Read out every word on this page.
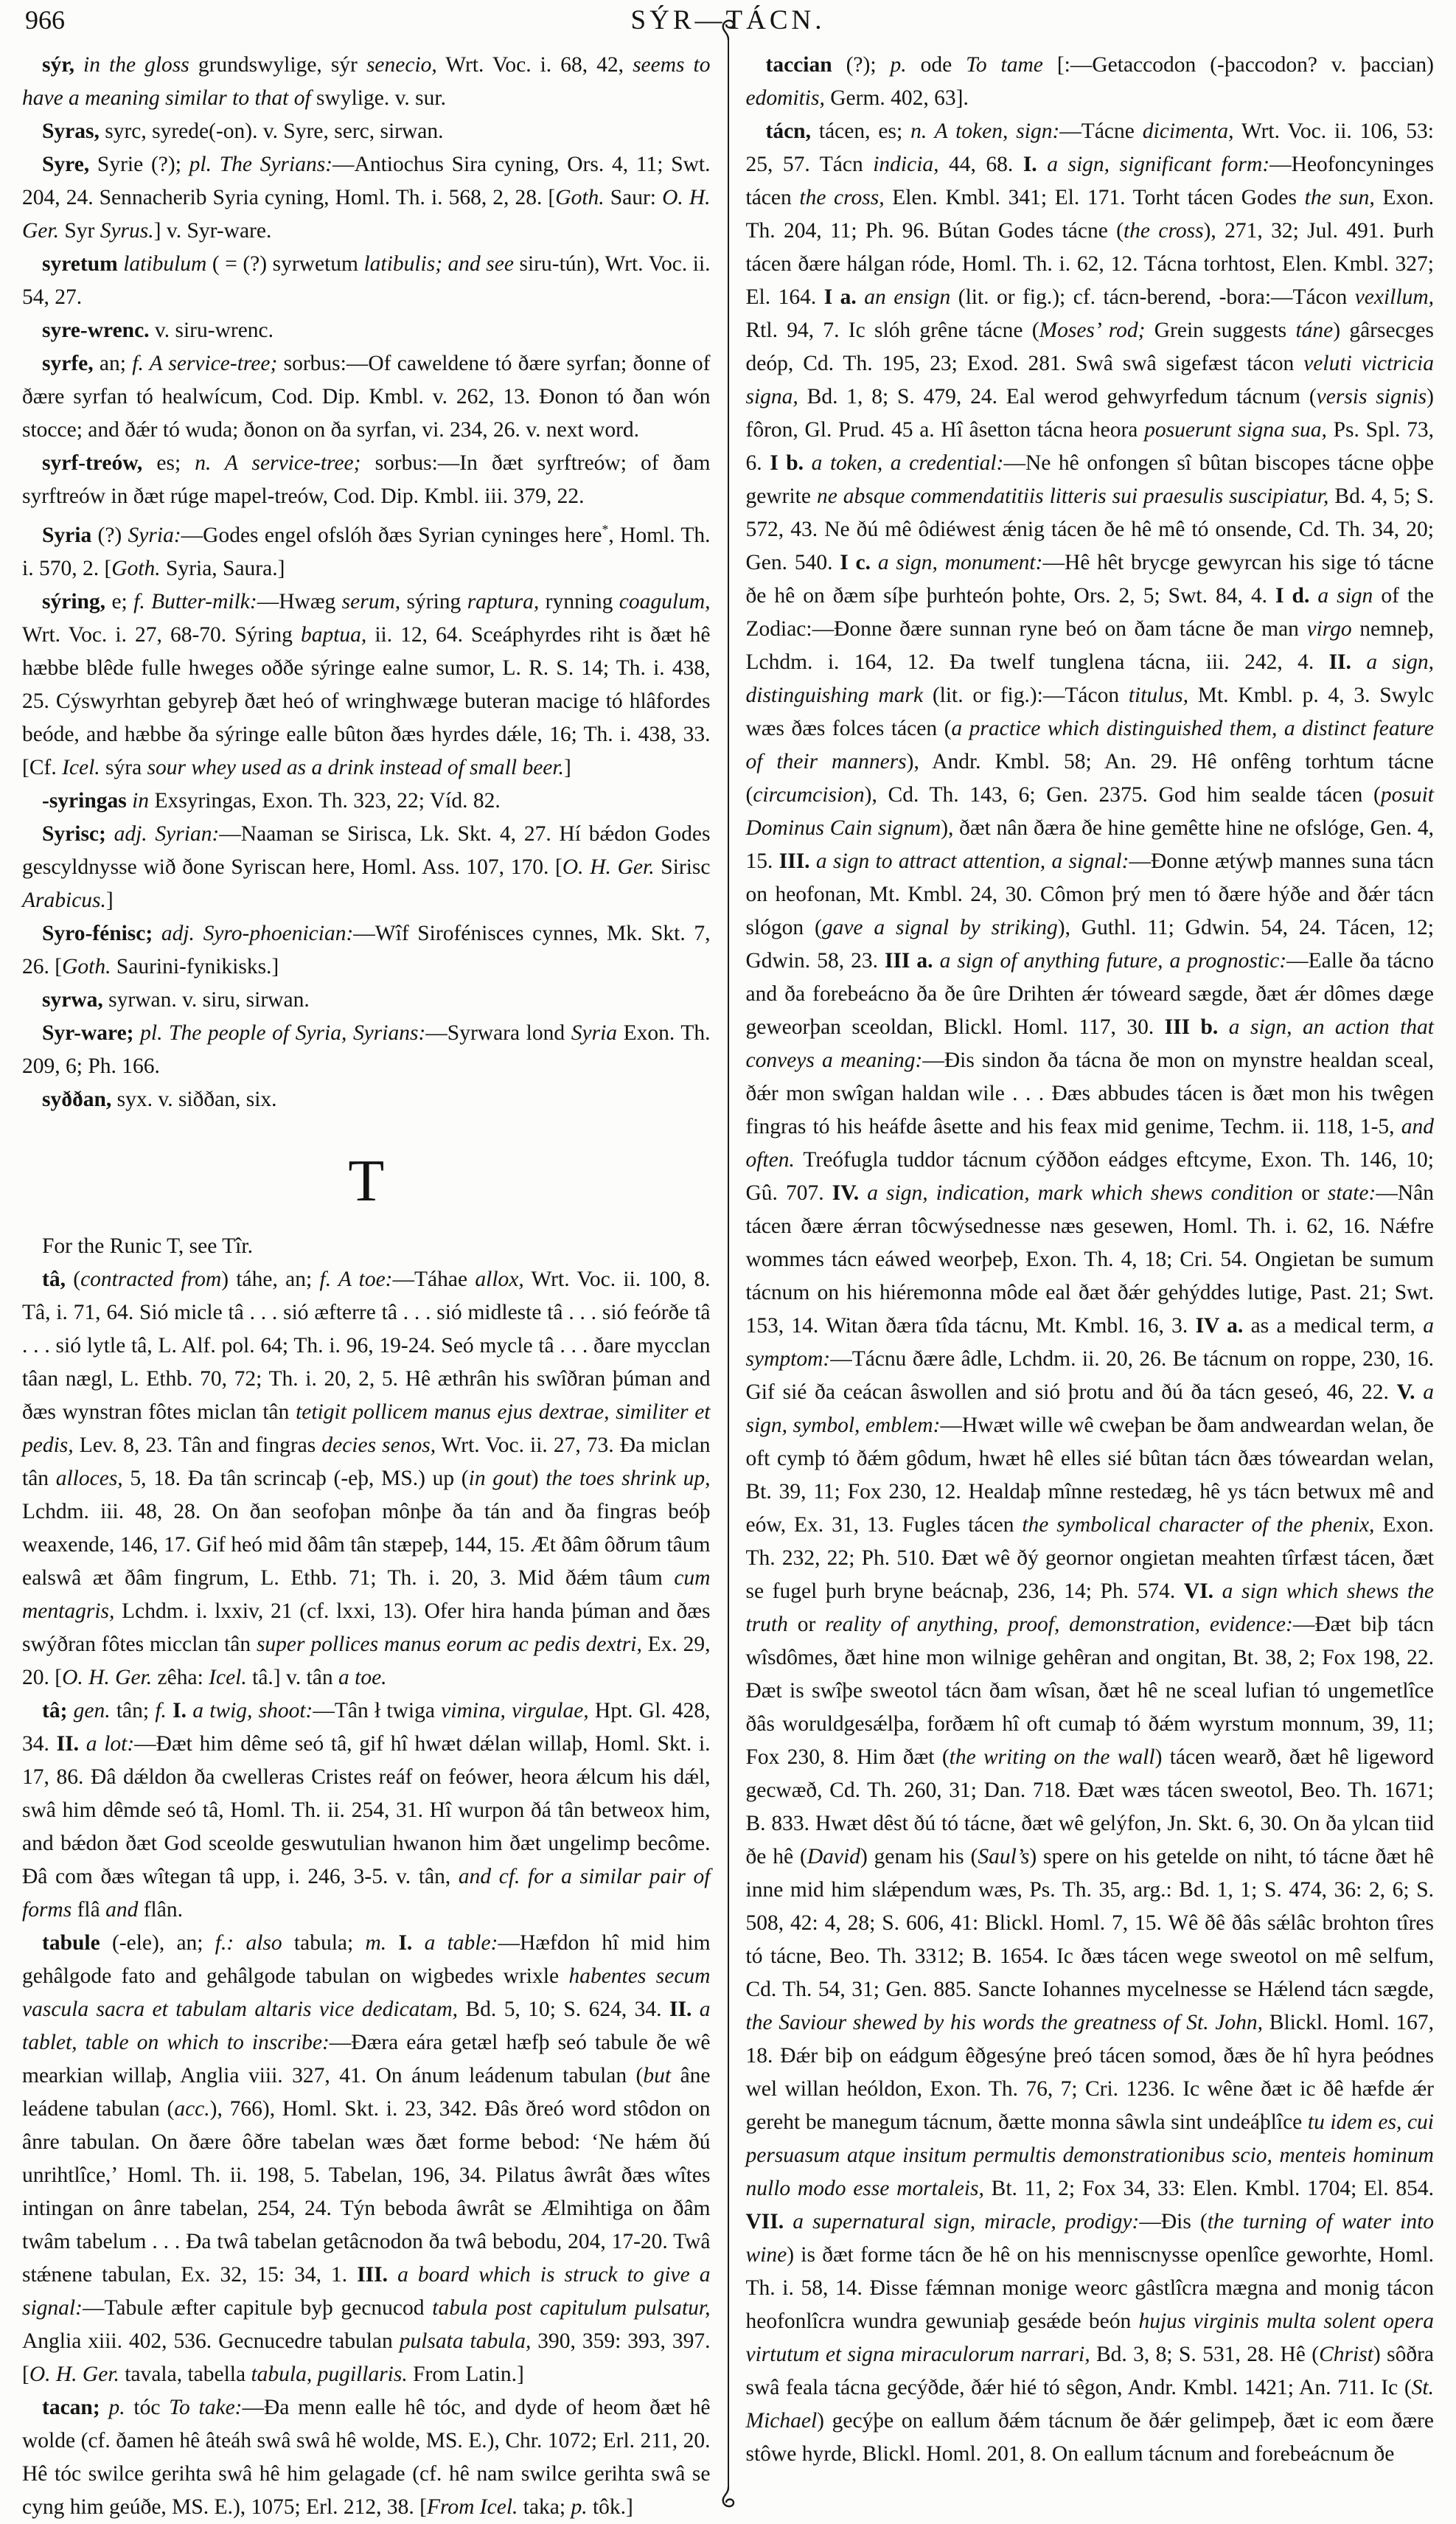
966	SÝR—TÁCN.

sýr, in the gloss grundswylige, sýr senecio, Wrt. Voc. i. 68, 42, seems to have a meaning similar to that of swylige. v. sur.

Syras, syrc, syrede(-on). v. Syre, serc, sirwan.

Syre, Syrie (?); pl. The Syrians:—Antiochus Sira cyning, Ors. 4, 11; Swt. 204, 24. Sennacherib Syria cyning, Homl. Th. i. 568, 2, 28. [Goth. Saur: O. H. Ger. Syr Syrus.] v. Syr-ware.

syretum latibulum ( = (?) syrwetum latibulis; and see siru-tún), Wrt. Voc. ii. 54, 27.

syre-wrenc. v. siru-wrenc.

syrfe, an; f. A service-tree; sorbus:—Of caweldene tó ðære syrfan; ðonne of ðære syrfan tó healwícum, Cod. Dip. Kmbl. v. 262, 13. Ðonon tó ðan wón stocce; and ðǽr tó wuda; ðonon on ða syrfan, vi. 234, 26. v. next word.

syrf-treów, es; n. A service-tree; sorbus:—In ðæt syrftreów; of ðam syrftreów in ðæt rúge mapel-treów, Cod. Dip. Kmbl. iii. 379, 22.

Syria (?) Syria:—Godes engel ofslóh ðæs Syrian cyninges here*, Homl. Th. i. 570, 2. [Goth. Syria, Saura.]

sýring, e; f. Butter-milk:—Hwæg serum, sýring raptura, rynning coagulum, Wrt. Voc. i. 27, 68-70. Sýring baptua, ii. 12, 64. Sceáphyrdes riht is ðæt hê hæbbe blêde fulle hweges oððe sýringe ealne sumor, L. R. S. 14; Th. i. 438, 25. Cýswyrhtan gebyreþ ðæt heó of wringhwæge buteran macige tó hlâfordes beóde, and hæbbe ða sýringe ealle bûton ðæs hyrdes dǽle, 16; Th. i. 438, 33. [Cf. Icel. sýra sour whey used as a drink instead of small beer.]

-syringas in Exsyringas, Exon. Th. 323, 22; Víd. 82.

Syrisc; adj. Syrian:—Naaman se Sirisca, Lk. Skt. 4, 27. Hí bǽdon Godes gescyldnysse wið ðone Syriscan here, Homl. Ass. 107, 170. [O. H. Ger. Sirisc Arabicus.]

Syro-fénisc; adj. Syro-phoenician:—Wîf Sirofénisces cynnes, Mk. Skt. 7, 26. [Goth. Saurini-fynikisks.]

syrwa, syrwan. v. siru, sirwan.

Syr-ware; pl. The people of Syria, Syrians:—Syrwara lond Syria Exon. Th. 209, 6; Ph. 166.

syððan, syx. v. siððan, six.

T

For the Runic T, see Tîr.

tâ, (contracted from) táhe, an; f. A toe:—Táhae allox, Wrt. Voc. ii. 100, 8. Tâ, i. 71, 64. Sió micle tâ . . . sió æfterre tâ . . . sió midleste tâ . . . sió feórðe tâ . . . sió lytle tâ, L. Alf. pol. 64; Th. i. 96, 19-24. Seó mycle tâ . . . ðare mycclan tâan nægl, L. Ethb. 70, 72; Th. i. 20, 2, 5. Hê æthrân his swîðran þúman and ðæs wynstran fôtes miclan tân tetigit pollicem manus ejus dextrae, similiter et pedis, Lev. 8, 23. Tân and fingras decies senos, Wrt. Voc. ii. 27, 73. Ða miclan tân alloces, 5, 18. Ða tân scrincaþ (-eþ, MS.) up (in gout) the toes shrink up, Lchdm. iii. 48, 28. On ðan seofoþan mônþe ða tán and ða fingras beóþ weaxende, 146, 17. Gif heó mid ðâm tân stæpeþ, 144, 15. Æt ðâm ôðrum tâum ealswâ æt ðâm fingrum, L. Ethb. 71; Th. i. 20, 3. Mid ðǽm tâum cum mentagris, Lchdm. i. lxxiv, 21 (cf. lxxi, 13). Ofer hira handa þúman and ðæs swýðran fôtes micclan tân super pollices manus eorum ac pedis dextri, Ex. 29, 20. [O. H. Ger. zêha: Icel. tâ.] v. tân a toe.

tâ; gen. tân; f. I. a twig, shoot:—Tân ł twiga vimina, virgulae, Hpt. Gl. 428, 34. II. a lot:—Ðæt him dême seó tâ, gif hî hwæt dǽlan willaþ, Homl. Skt. i. 17, 86. Ðâ dǽldon ða cwelleras Cristes reáf on feówer, heora ǽlcum his dǽl, swâ him dêmde seó tâ, Homl. Th. ii. 254, 31. Hî wurpon ðá tân betweox him, and bǽdon ðæt God sceolde geswutulian hwanon him ðæt ungelimp becôme. Ðâ com ðæs wîtegan tâ upp, i. 246, 3-5. v. tân, and cf. for a similar pair of forms flâ and flân.

tabule (-ele), an; f.: also tabula; m. I. a table:—Hæfdon hî mid him gehâlgode fato and gehâlgode tabulan on wigbedes wrixle habentes secum vascula sacra et tabulam altaris vice dedicatam, Bd. 5, 10; S. 624, 34. II. a tablet, table on which to inscribe:—Ðæra eára getæl hæfþ seó tabule ðe wê mearkian willaþ, Anglia viii. 327, 41. On ánum leádenum tabulan (but âne leádene tabulan (acc.), 766), Homl. Skt. i. 23, 342. Ðâs ðreó word stôdon on ânre tabulan. On ðære ôðre tabelan wæs ðæt forme bebod: ʻNe hǽm ðú unrihtlîce,ʼ Homl. Th. ii. 198, 5. Tabelan, 196, 34. Pilatus âwrât ðæs wîtes intingan on ânre tabelan, 254, 24. Týn beboda âwrât se Ælmihtiga on ðâm twâm tabelum . . . Ða twâ tabelan getâcnodon ða twâ bebodu, 204, 17-20. Twâ stǽnene tabulan, Ex. 32, 15: 34, 1. III. a board which is struck to give a signal:—Tabule æfter capitule byþ gecnucod tabula post capitulum pulsatur, Anglia xiii. 402, 536. Gecnucedre tabulan pulsata tabula, 390, 359: 393, 397. [O. H. Ger. tavala, tabella tabula, pugillaris. From Latin.]

tacan; p. tóc To take:—Ða menn ealle hê tóc, and dyde of heom ðæt hê wolde (cf. ðamen hê âteáh swâ swâ hê wolde, MS. E.), Chr. 1072; Erl. 211, 20. Hê tóc swilce gerihta swâ hê him gelagade (cf. hê nam swilce gerihta swâ se cyng him geúðe, MS. E.), 1075; Erl. 212, 38. [From Icel. taka; p. tôk.]

taccian (?); p. ode To tame [:—Getaccodon (-þaccodon? v. þaccian) edomitis, Germ. 402, 63].

tácn, tácen, es; n. A token, sign:—Tácne dicimenta, Wrt. Voc. ii. 106, 53: 25, 57. Tácn indicia, 44, 68. I. a sign, significant form:—Heofoncyninges tácen the cross, Elen. Kmbl. 341; El. 171. Torht tácen Godes the sun, Exon. Th. 204, 11; Ph. 96. Bútan Godes tácne (the cross), 271, 32; Jul. 491. Þurh tácen ðære hálgan róde, Homl. Th. i. 62, 12. Tácna torhtost, Elen. Kmbl. 327; El. 164. I a. an ensign (lit. or fig.); cf. tácn-berend, -bora:—Tácon vexillum, Rtl. 94, 7. Ic slóh grêne tácne (Moses’ rod; Grein suggests táne) gârsecges deóp, Cd. Th. 195, 23; Exod. 281. Swâ swâ sigefæst tácon veluti victricia signa, Bd. 1, 8; S. 479, 24. Eal werod gehwyrfedum tácnum (versis signis) fôron, Gl. Prud. 45 a. Hî âsetton tácna heora posuerunt signa sua, Ps. Spl. 73, 6. I b. a token, a credential:—Ne hê onfongen sî bûtan biscopes tácne oþþe gewrite ne absque commendatitiis litteris sui praesulis suscipiatur, Bd. 4, 5; S. 572, 43. Ne ðú mê ôdiéwest ǽnig tácen ðe hê mê tó onsende, Cd. Th. 34, 20; Gen. 540. I c. a sign, monument:—Hê hêt brycge gewyrcan his sige tó tácne ðe hê on ðæm síþe þurhteón þohte, Ors. 2, 5; Swt. 84, 4. I d. a sign of the Zodiac:—Ðonne ðære sunnan ryne beó on ðam tácne ðe man virgo nemneþ, Lchdm. i. 164, 12. Ða twelf tunglena tácna, iii. 242, 4. II. a sign, distinguishing mark (lit. or fig.):—Tácon titulus, Mt. Kmbl. p. 4, 3. Swylc wæs ðæs folces tácen (a practice which distinguished them, a distinct feature of their manners), Andr. Kmbl. 58; An. 29. Hê onfêng torhtum tácne (circumcision), Cd. Th. 143, 6; Gen. 2375. God him sealde tácen (posuit Dominus Cain signum), ðæt nân ðæra ðe hine gemêtte hine ne ofslóge, Gen. 4, 15. III. a sign to attract attention, a signal:—Ðonne ætýwþ mannes suna tácn on heofonan, Mt. Kmbl. 24, 30. Cômon þrý men tó ðære hýðe and ðǽr tácn slógon (gave a signal by striking), Guthl. 11; Gdwin. 54, 24. Tácen, 12; Gdwin. 58, 23. III a. a sign of anything future, a prognostic:—Ealle ða tácno and ða forebeácno ða ðe ûre Drihten ǽr tóweard sægde, ðæt ǽr dômes dæge geweorþan sceoldan, Blickl. Homl. 117, 30. III b. a sign, an action that conveys a meaning:—Ðis sindon ða tácna ðe mon on mynstre healdan sceal, ðǽr mon swîgan haldan wile . . . Ðæs abbudes tácen is ðæt mon his twêgen fingras tó his heáfde âsette and his feax mid genime, Techm. ii. 118, 1-5, and often. Treófugla tuddor tácnum cýððon eádges eftcyme, Exon. Th. 146, 10; Gû. 707. IV. a sign, indication, mark which shews condition or state:—Nân tácen ðære ǽrran tôcwýsednesse næs gesewen, Homl. Th. i. 62, 16. Nǽfre wommes tácn eáwed weorþeþ, Exon. Th. 4, 18; Cri. 54. Ongietan be sumum tácnum on his hiéremonna môde eal ðæt ðǽr gehýddes lutige, Past. 21; Swt. 153, 14. Witan ðæra tîda tácnu, Mt. Kmbl. 16, 3. IV a. as a medical term, a symptom:—Tácnu ðære âdle, Lchdm. ii. 20, 26. Be tácnum on roppe, 230, 16. Gif sié ða ceácan âswollen and sió þrotu and ðú ða tácn geseó, 46, 22. V. a sign, symbol, emblem:—Hwæt wille wê cweþan be ðam andweardan welan, ðe oft cymþ tó ðǽm gôdum, hwæt hê elles sié bûtan tácn ðæs tóweardan welan, Bt. 39, 11; Fox 230, 12. Healdaþ mînne restedæg, hê ys tácn betwux mê and eów, Ex. 31, 13. Fugles tácen the symbolical character of the phenix, Exon. Th. 232, 22; Ph. 510. Ðæt wê ðý geornor ongietan meahten tîrfæst tácen, ðæt se fugel þurh bryne beácnaþ, 236, 14; Ph. 574. VI. a sign which shews the truth or reality of anything, proof, demonstration, evidence:—Ðæt biþ tácn wîsdômes, ðæt hine mon wilnige gehêran and ongitan, Bt. 38, 2; Fox 198, 22. Ðæt is swîþe sweotol tácn ðam wîsan, ðæt hê ne sceal lufian tó ungemetlîce ðâs woruldgesǽlþa, forðæm hî oft cumaþ tó ðǽm wyrstum monnum, 39, 11; Fox 230, 8. Him ðæt (the writing on the wall) tácen wearð, ðæt hê ligeword gecwæð, Cd. Th. 260, 31; Dan. 718. Ðæt wæs tácen sweotol, Beo. Th. 1671; B. 833. Hwæt dêst ðú tó tácne, ðæt wê gelýfon, Jn. Skt. 6, 30. On ða ylcan tiid ðe hê (David) genam his (Saul’s) spere on his getelde on niht, tó tácne ðæt hê inne mid him slǽpendum wæs, Ps. Th. 35, arg.: Bd. 1, 1; S. 474, 36: 2, 6; S. 508, 42: 4, 28; S. 606, 41: Blickl. Homl. 7, 15. Wê ðê ðâs sǽlâc brohton tîres tó tácne, Beo. Th. 3312; B. 1654. Ic ðæs tácen wege sweotol on mê selfum, Cd. Th. 54, 31; Gen. 885. Sancte Iohannes mycelnesse se Hǽlend tácn sægde, the Saviour shewed by his words the greatness of St. John, Blickl. Homl. 167, 18. Ðǽr biþ on eádgum êðgesýne þreó tácen somod, ðæs ðe hî hyra þeódnes wel willan heóldon, Exon. Th. 76, 7; Cri. 1236. Ic wêne ðæt ic ðê hæfde ǽr gereht be manegum tácnum, ðætte monna sâwla sint undeáþlîce tu idem es, cui persuasum atque insitum permultis demonstrationibus scio, menteis hominum nullo modo esse mortaleis, Bt. 11, 2; Fox 34, 33: Elen. Kmbl. 1704; El. 854. VII. a supernatural sign, miracle, prodigy:—Ðis (the turning of water into wine) is ðæt forme tácn ðe hê on his menniscnysse openlîce geworhte, Homl. Th. i. 58, 14. Ðisse fǽmnan monige weorc gâstlîcra mægna and monig tácon heofonlîcra wundra gewuniaþ gesǽde beón hujus virginis multa solent opera virtutum et signa miraculorum narrari, Bd. 3, 8; S. 531, 28. Hê (Christ) sôðra swâ feala tácna gecýðde, ðǽr hié tó sêgon, Andr. Kmbl. 1421; An. 711. Ic (St. Michael) gecýþe on eallum ðǽm tácnum ðe ðǽr gelimpeþ, ðæt ic eom ðære stôwe hyrde, Blickl. Homl. 201, 8. On eallum tácnum and forebeácnum ðe
